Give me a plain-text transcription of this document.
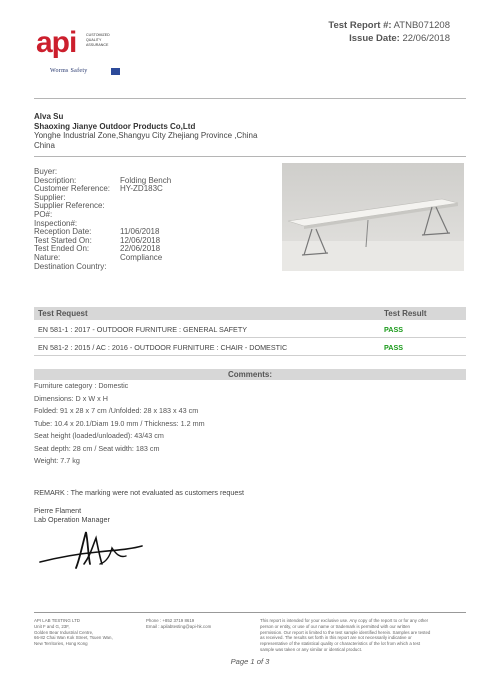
api	CUSTOMIZED
QUALITY
ASSURANCE
Worms Safety
Test Report #: ATNB071208
Issue Date: 22/06/2018
Alva Su
Shaoxing Jianye Outdoor Products Co,Ltd
Yonghe Industrial Zone,Shangyu City Zhejiang Province ,China
China
Buyer:
Description:	Folding Bench
Customer Reference:	HY-ZD183C
Supplier:
Supplier Reference:
PO#:
Inspection#:
Reception Date:	11/06/2018
Test Started On:	12/06/2018
Test Ended On:	22/06/2018
Nature:	Compliance
Destination Country:
Test Request	Test Result
EN 581-1 : 2017 - OUTDOOR FURNITURE : GENERAL SAFETY	PASS
EN 581-2 : 2015 / AC : 2016 - OUTDOOR FURNITURE : CHAIR - DOMESTIC	PASS
Comments:
Furniture category : Domestic
Dimensions: D x W x H
Folded: 91 x 28 x 7 cm /Unfolded: 28 x 183 x 43 cm
Tube: 10.4 x 20.1/Diam 19.0 mm / Thickness: 1.2 mm
Seat height (loaded/unloaded): 43/43 cm
Seat depth: 28 cm / Seat width: 183 cm
Weight: 7.7 kg
REMARK : The marking were not evaluated as customers request
Pierre Flament
Lab Operation Manager
API LAB TESTING LTD
Unit F and G, 23F,
Golden Bear Industrial Centre,
66-82 Chai Wan Kok Street, Tsuen Wan,
New Territories, Hong Kong
Phone : +852 3719 8619
Email : apilabtesting@api-hk.com
This report is intended for your exclusive use. Any copy of the report to or for any other
person or entity, or use of our name or trademark is permitted with our written
permission. Our report is limited to the test sample identified herein. Samples are tested
as received. The results set forth in this report are not necessarily indicative or
representative of the statistical quality or characteristics of the lot from which a test
sample was taken or any similar or identical product.
Page 1 of 3
